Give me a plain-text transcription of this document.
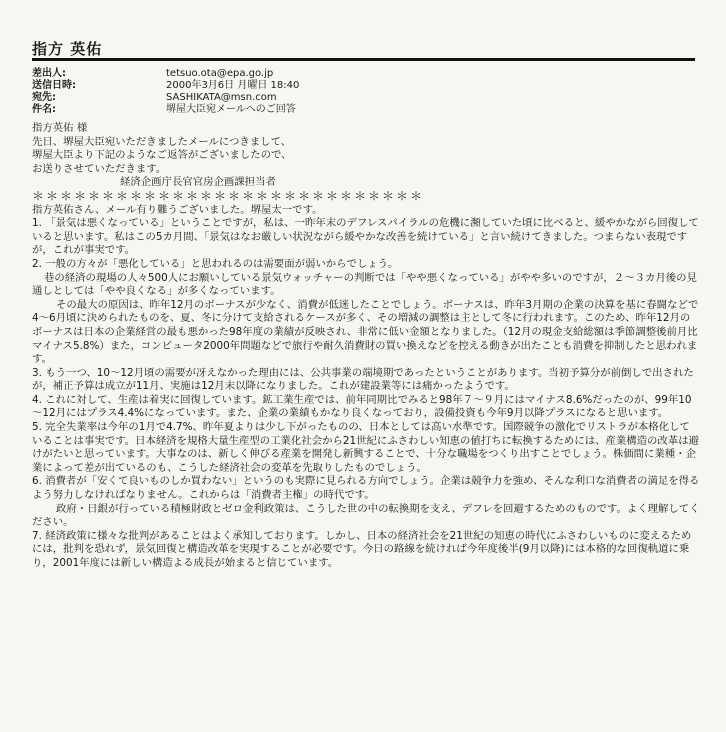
指方 英佑
差出人:	tetsuo.ota@epa.go.jp
送信日時:	2000年3月6日 月曜日 18:40
宛先:	SASHIKATA@msn.com
件名:	堺屋大臣宛メールへのご回答

指方英佑 様

先日、堺屋大臣宛いただきましたメールにつきまして、
堺屋大臣より下記のようなご返答がございましたので、
お送りさせていただきます。

経済企画庁長官官房企画課担当者

＊＊＊＊＊＊＊＊＊＊＊＊＊＊＊＊＊＊＊＊＊＊＊＊＊＊＊＊

指方英佑さん、メール有り難うございました。堺屋太一です。

1. 「景気は悪くなっている」ということですが，私は、一昨年末のデフレスパイラルの危機に瀕していた頃に比べると、緩やかながら回復していると思います。私はこの5カ月間、「景気はなお厳しい状況ながら緩やかな改善を続けている」と言い続けてきました。つまらない表現ですが，これが事実です。

2. 一般の方々が「悪化している」と思われるのは需要面が弱いからでしょう。

巷の経済の現場の人々500人にお願いしている景気ウォッチャーの判断では「やや悪くなっている」がやや多いのですが，２～３カ月後の見通しとしては「やや良くなる」が多くなっています。

その最大の原因は、昨年12月のボーナスが少なく、消費が低迷したことでしょう。ボーナスは、昨年3月期の企業の決算を基に春闘などで4～6月頃に決められたものを、夏、冬に分けて支給されるケースが多く、その増減の調整は主として冬に行われます。このため、昨年12月のボーナスは日本の企業経営の最も悪かった98年度の業績が反映され、非常に低い金額となりました。（12月の現金支給総額は季節調整後前月比マイナス5.8%）また，コンピュータ2000年問題などで旅行や耐久消費財の買い換えなどを控える動きが出たことも消費を抑制したと思われます。

3. もう一つ、10～12月頃の需要が冴えなかった理由には、公共事業の端境期であったということがあります。当初予算分が前倒しで出されたが，補正予算は成立が11月、実施は12月末以降になりました。これが建設業等には痛かったようです。

4. これに対して、生産は着実に回復しています。鉱工業生産では、前年同期比でみると98年７～９月にはマイナス8.6%だったのが、99年10～12月にはプラス4.4%になっています。また、企業の業績もかなり良くなっており，設備投資も今年9月以降プラスになると思います。

5. 完全失業率は今年の1月で4.7%、昨年夏よりは少し下がったものの、日本としては高い水準です。国際競争の激化でリストラが本格化していることは事実です。日本経済を規格大量生産型の工業化社会から21世紀にふさわしい知恵の値打ちに転換するためには、産業構造の改革は避けがたいと思っています。大事なのは、新しく伸びる産業を開発し新興することで、十分な職場をつくり出すことでしょう。株価間に業種・企業によって差が出ているのも、こうした経済社会の変革を先取りしたものでしょう。

6. 消費者が「安くて良いものしか買わない」というのも実際に見られる方向でしょう。企業は競争力を強め、そんな利口な消費者の満足を得るよう努力しなければなりません。これからは「消費者主権」の時代です。

政府・日銀が行っている積極財政とゼロ金利政策は、こうした世の中の転換期を支え、デフレを回避するためのものです。よく理解してください。

7. 経済政策に様々な批判があることはよく承知しております。しかし、日本の経済社会を21世紀の知恵の時代にふさわしいものに変えるためには，批判を恐れず，景気回復と構造改革を実現することが必要です。今日の路線を続ければ今年度後半(9月以降)には本格的な回復軌道に乗り，2001年度には新しい構造よる成長が始まると信じています。
